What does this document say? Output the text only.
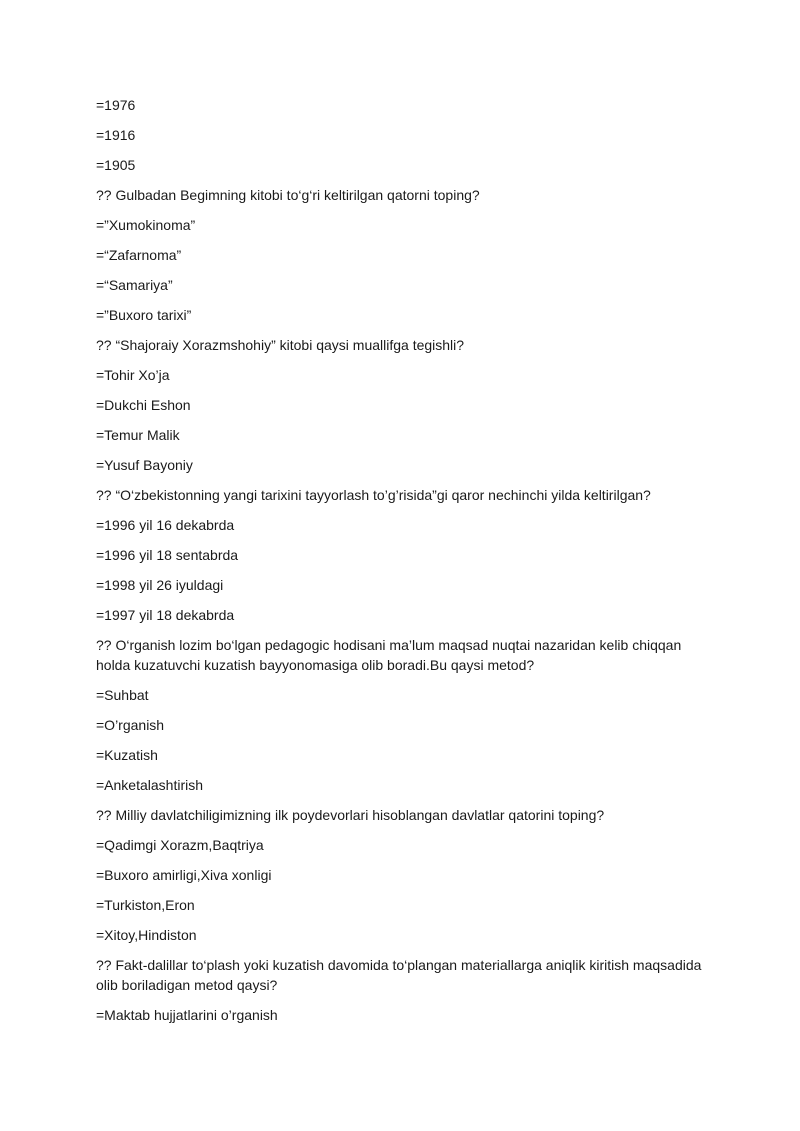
=1976

=1916

=1905

?? Gulbadan Begimning kitobi to‘g‘ri keltirilgan qatorni toping?

=”Xumokinoma”

=“Zafarnoma”

=“Samariya”

=”Buxoro tarixi”

?? “Shajoraiy Xorazmshohiy” kitobi qaysi muallifga tegishli?

=Tohir Xo’ja

=Dukchi Eshon

=Temur Malik

=Yusuf Bayoniy

?? “O‘zbekistonning yangi tarixini tayyorlash to’g’risida”gi qaror nechinchi yilda keltirilgan?

=1996 yil 16 dekabrda

=1996 yil 18 sentabrda

=1998 yil 26 iyuldagi

=1997 yil 18 dekabrda

?? O‘rganish lozim bo‘lgan pedagogic hodisani ma’lum maqsad nuqtai nazaridan kelib chiqqan holda kuzatuvchi kuzatish bayyonomasiga olib boradi.Bu qaysi metod?

=Suhbat

=O’rganish

=Kuzatish

=Anketalashtirish

?? Milliy davlatchiligimizning ilk poydevorlari hisoblangan davlatlar qatorini toping?

=Qadimgi Xorazm,Baqtriya

=Buxoro amirligi,Xiva xonligi

=Turkiston,Eron

=Xitoy,Hindiston

?? Fakt-dalillar to‘plash yoki kuzatish davomida to‘plangan materiallarga aniqlik kiritish maqsadida olib boriladigan metod qaysi?

=Maktab hujjatlarini o’rganish
